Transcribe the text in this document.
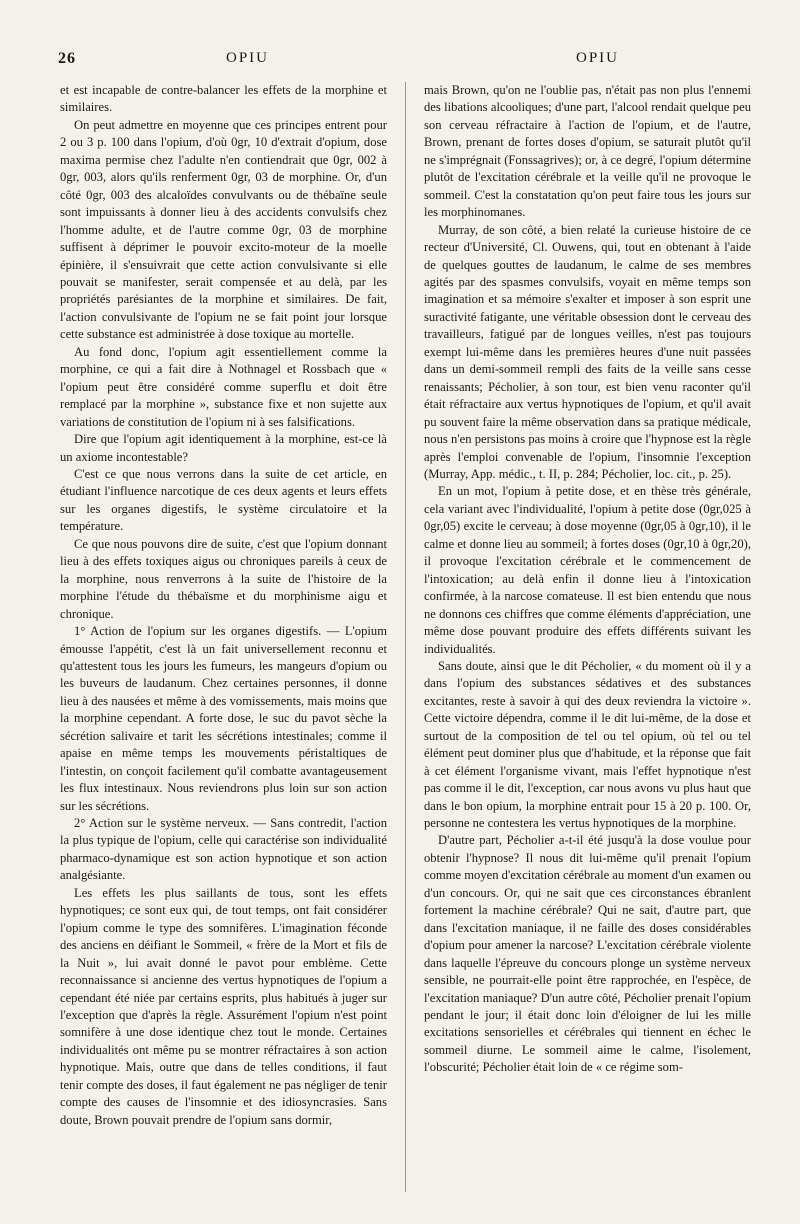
26	OPIU	OPIU

et est incapable de contre-balancer les effets de la morphine et similaires.

On peut admettre en moyenne que ces principes entrent pour 2 ou 3 p. 100 dans l'opium, d'où 0gr, 10 d'extrait d'opium, dose maxima permise chez l'adulte n'en contiendrait que 0gr, 002 à 0gr, 003, alors qu'ils renferment 0gr, 03 de morphine. Or, d'un côté 0gr, 003 des alcaloïdes convulvants ou de thébaïne seule sont impuissants à donner lieu à des accidents convulsifs chez l'homme adulte, et de l'autre comme 0gr, 03 de morphine suffisent à déprimer le pouvoir excito-moteur de la moelle épinière, il s'ensuivrait que cette action convulsivante si elle pouvait se manifester, serait compensée et au delà, par les propriétés parésiantes de la morphine et similaires. De fait, l'action convulsivante de l'opium ne se fait point jour lorsque cette substance est administrée à dose toxique au mortelle.

Au fond donc, l'opium agit essentiellement comme la morphine, ce qui a fait dire à Nothnagel et Rossbach que « l'opium peut être considéré comme superflu et doit être remplacé par la morphine », substance fixe et non sujette aux variations de constitution de l'opium ni à ses falsifications.

Dire que l'opium agit identiquement à la morphine, est-ce là un axiome incontestable?

C'est ce que nous verrons dans la suite de cet article, en étudiant l'influence narcotique de ces deux agents et leurs effets sur les organes digestifs, le système circulatoire et la température.

Ce que nous pouvons dire de suite, c'est que l'opium donnant lieu à des effets toxiques aigus ou chroniques pareils à ceux de la morphine, nous renverrons à la suite de l'histoire de la morphine l'étude du thébaïsme et du morphinisme aigu et chronique.

1° Action de l'opium sur les organes digestifs. — L'opium émousse l'appétit, c'est là un fait universellement reconnu et qu'attestent tous les jours les fumeurs, les mangeurs d'opium ou les buveurs de laudanum. Chez certaines personnes, il donne lieu à des nausées et même à des vomissements, mais moins que la morphine cependant. A forte dose, le suc du pavot sèche la sécrétion salivaire et tarit les sécrétions intestinales; comme il apaise en même temps les mouvements péristaltiques de l'intestin, on conçoit facilement qu'il combatte avantageusement les flux intestinaux. Nous reviendrons plus loin sur son action sur les sécrétions.

2° Action sur le système nerveux. — Sans contredit, l'action la plus typique de l'opium, celle qui caractérise son individualité pharmaco-dynamique est son action hypnotique et son action analgésiante.

Les effets les plus saillants de tous, sont les effets hypnotiques; ce sont eux qui, de tout temps, ont fait considérer l'opium comme le type des somnifères. L'imagination féconde des anciens en déifiant le Sommeil, « frère de la Mort et fils de la Nuit », lui avait donné le pavot pour emblème. Cette reconnaissance si ancienne des vertus hypnotiques de l'opium a cependant été niée par certains esprits, plus habitués à juger sur l'exception que d'après la règle. Assurément l'opium n'est point somnifère à une dose identique chez tout le monde. Certaines individualités ont même pu se montrer réfractaires à son action hypnotique. Mais, outre que dans de telles conditions, il faut tenir compte des doses, il faut également ne pas négliger de tenir compte des causes de l'insomnie et des idiosyncrasies. Sans doute, Brown pouvait prendre de l'opium sans dormir,

mais Brown, qu'on ne l'oublie pas, n'était pas non plus l'ennemi des libations alcooliques; d'une part, l'alcool rendait quelque peu son cerveau réfractaire à l'action de l'opium, et de l'autre, Brown, prenant de fortes doses d'opium, se saturait plutôt qu'il ne s'imprégnait (Fonssagrives); or, à ce degré, l'opium détermine plutôt de l'excitation cérébrale et la veille qu'il ne provoque le sommeil. C'est la constatation qu'on peut faire tous les jours sur les morphinomanes.

Murray, de son côté, a bien relaté la curieuse histoire de ce recteur d'Université, Cl. Ouwens, qui, tout en obtenant à l'aide de quelques gouttes de laudanum, le calme de ses membres agités par des spasmes convulsifs, voyait en même temps son imagination et sa mémoire s'exalter et imposer à son esprit une suractivité fatigante, une véritable obsession dont le cerveau des travailleurs, fatigué par de longues veilles, n'est pas toujours exempt lui-même dans les premières heures d'une nuit passées dans un demi-sommeil rempli des faits de la veille sans cesse renaissants; Pécholier, à son tour, est bien venu raconter qu'il était réfractaire aux vertus hypnotiques de l'opium, et qu'il avait pu souvent faire la même observation dans sa pratique médicale, nous n'en persistons pas moins à croire que l'hypnose est la règle après l'emploi convenable de l'opium, l'insomnie l'exception (Murray, App. médic., t. II, p. 284; Pécholier, loc. cit., p. 25).

En un mot, l'opium à petite dose, et en thèse très générale, cela variant avec l'individualité, l'opium à petite dose (0gr,025 à 0gr,05) excite le cerveau; à dose moyenne (0gr,05 à 0gr,10), il le calme et donne lieu au sommeil; à fortes doses (0gr,10 à 0gr,20), il provoque l'excitation cérébrale et le commencement de l'intoxication; au delà enfin il donne lieu à l'intoxication confirmée, à la narcose comateuse. Il est bien entendu que nous ne donnons ces chiffres que comme éléments d'appréciation, une même dose pouvant produire des effets différents suivant les individualités.

Sans doute, ainsi que le dit Pécholier, « du moment où il y a dans l'opium des substances sédatives et des substances excitantes, reste à savoir à qui des deux reviendra la victoire ». Cette victoire dépendra, comme il le dit lui-même, de la dose et surtout de la composition de tel ou tel opium, où tel ou tel élément peut dominer plus que d'habitude, et la réponse que fait à cet élément l'organisme vivant, mais l'effet hypnotique n'est pas comme il le dit, l'exception, car nous avons vu plus haut que dans le bon opium, la morphine entrait pour 15 à 20 p. 100. Or, personne ne contestera les vertus hypnotiques de la morphine.

D'autre part, Pécholier a-t-il été jusqu'à la dose voulue pour obtenir l'hypnose? Il nous dit lui-même qu'il prenait l'opium comme moyen d'excitation cérébrale au moment d'un examen ou d'un concours. Or, qui ne sait que ces circonstances ébranlent fortement la machine cérébrale? Qui ne sait, d'autre part, que dans l'excitation maniaque, il ne faille des doses considérables d'opium pour amener la narcose? L'excitation cérébrale violente dans laquelle l'épreuve du concours plonge un système nerveux sensible, ne pourrait-elle point être rapprochée, en l'espèce, de l'excitation maniaque? D'un autre côté, Pécholier prenait l'opium pendant le jour; il était donc loin d'éloigner de lui les mille excitations sensorielles et cérébrales qui tiennent en échec le sommeil diurne. Le sommeil aime le calme, l'isolement, l'obscurité; Pécholier était loin de « ce régime som-
